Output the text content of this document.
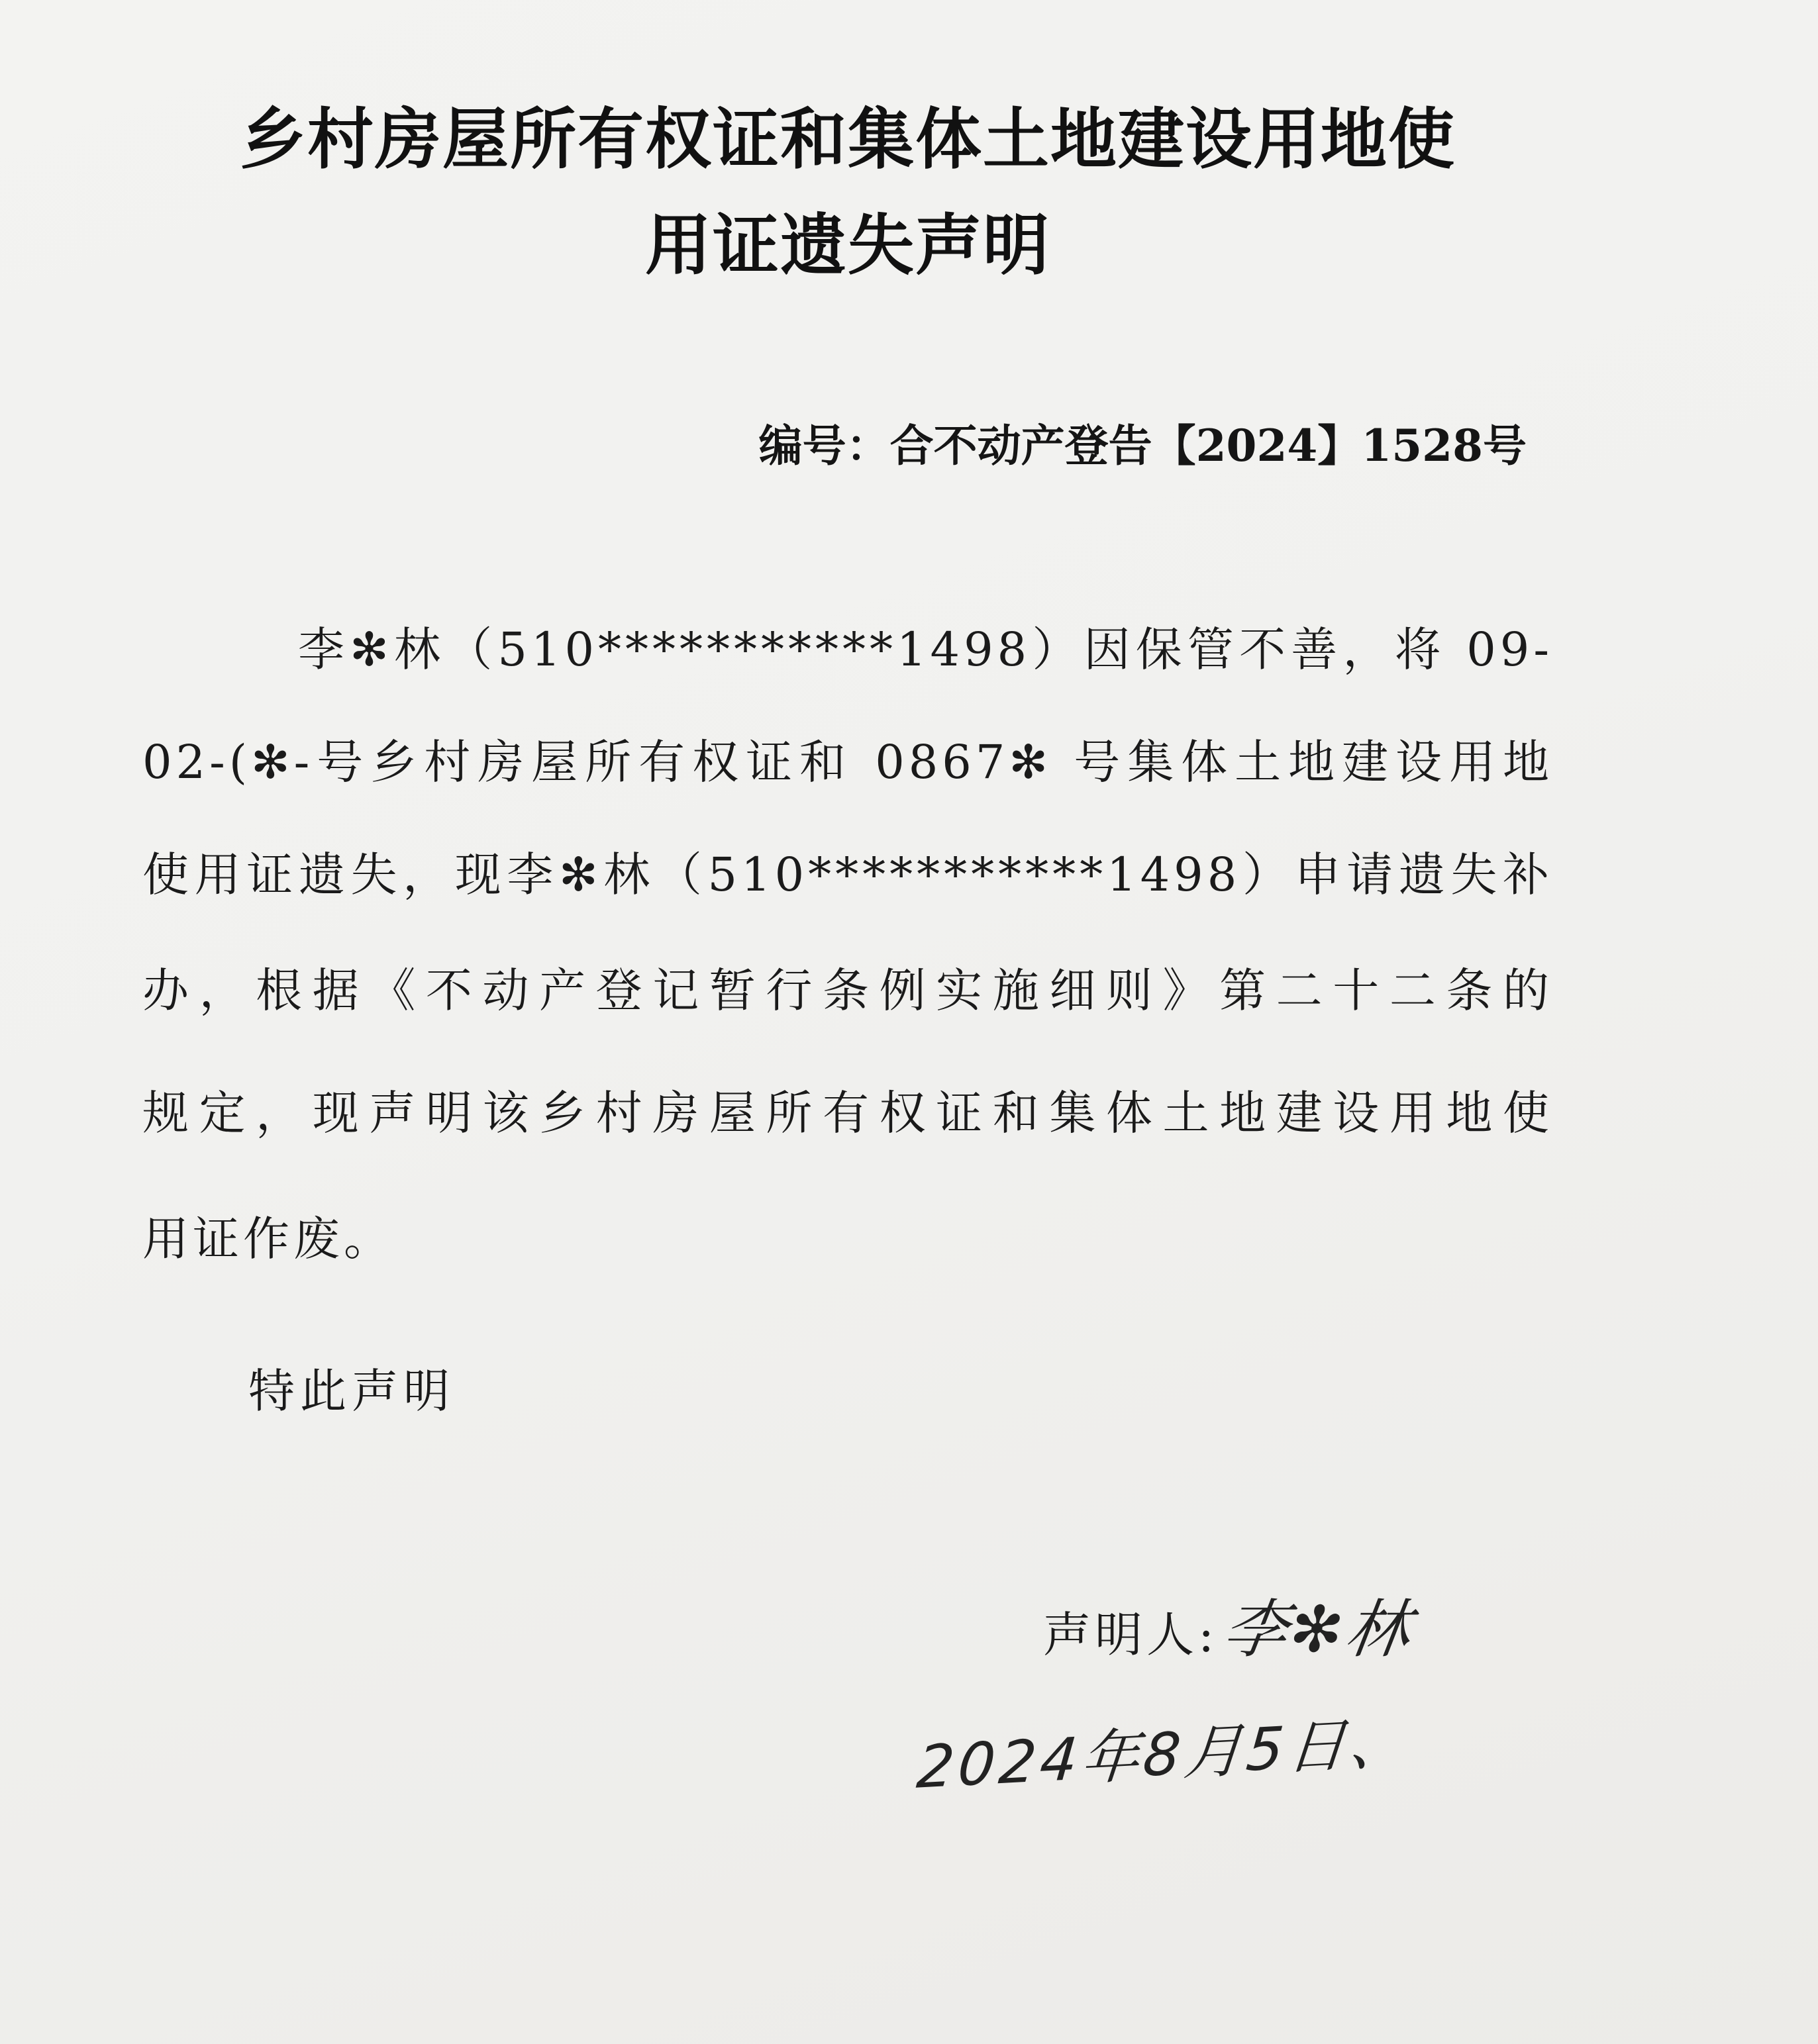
乡村房屋所有权证和集体土地建设用地使
用证遗失声明
编号：合不动产登告【2024】1528号
李✻林（510***********1498）因保管不善，将 09-
02-(✻-号乡村房屋所有权证和 0867✻ 号集体土地建设用地
使用证遗失，现李✻林（510***********1498）申请遗失补
办，根据《不动产登记暂行条例实施细则》第二十二条的
规定，现声明该乡村房屋所有权证和集体土地建设用地使
用证作废。
特此声明
声明人: 李✻林
2024年8月5日、
